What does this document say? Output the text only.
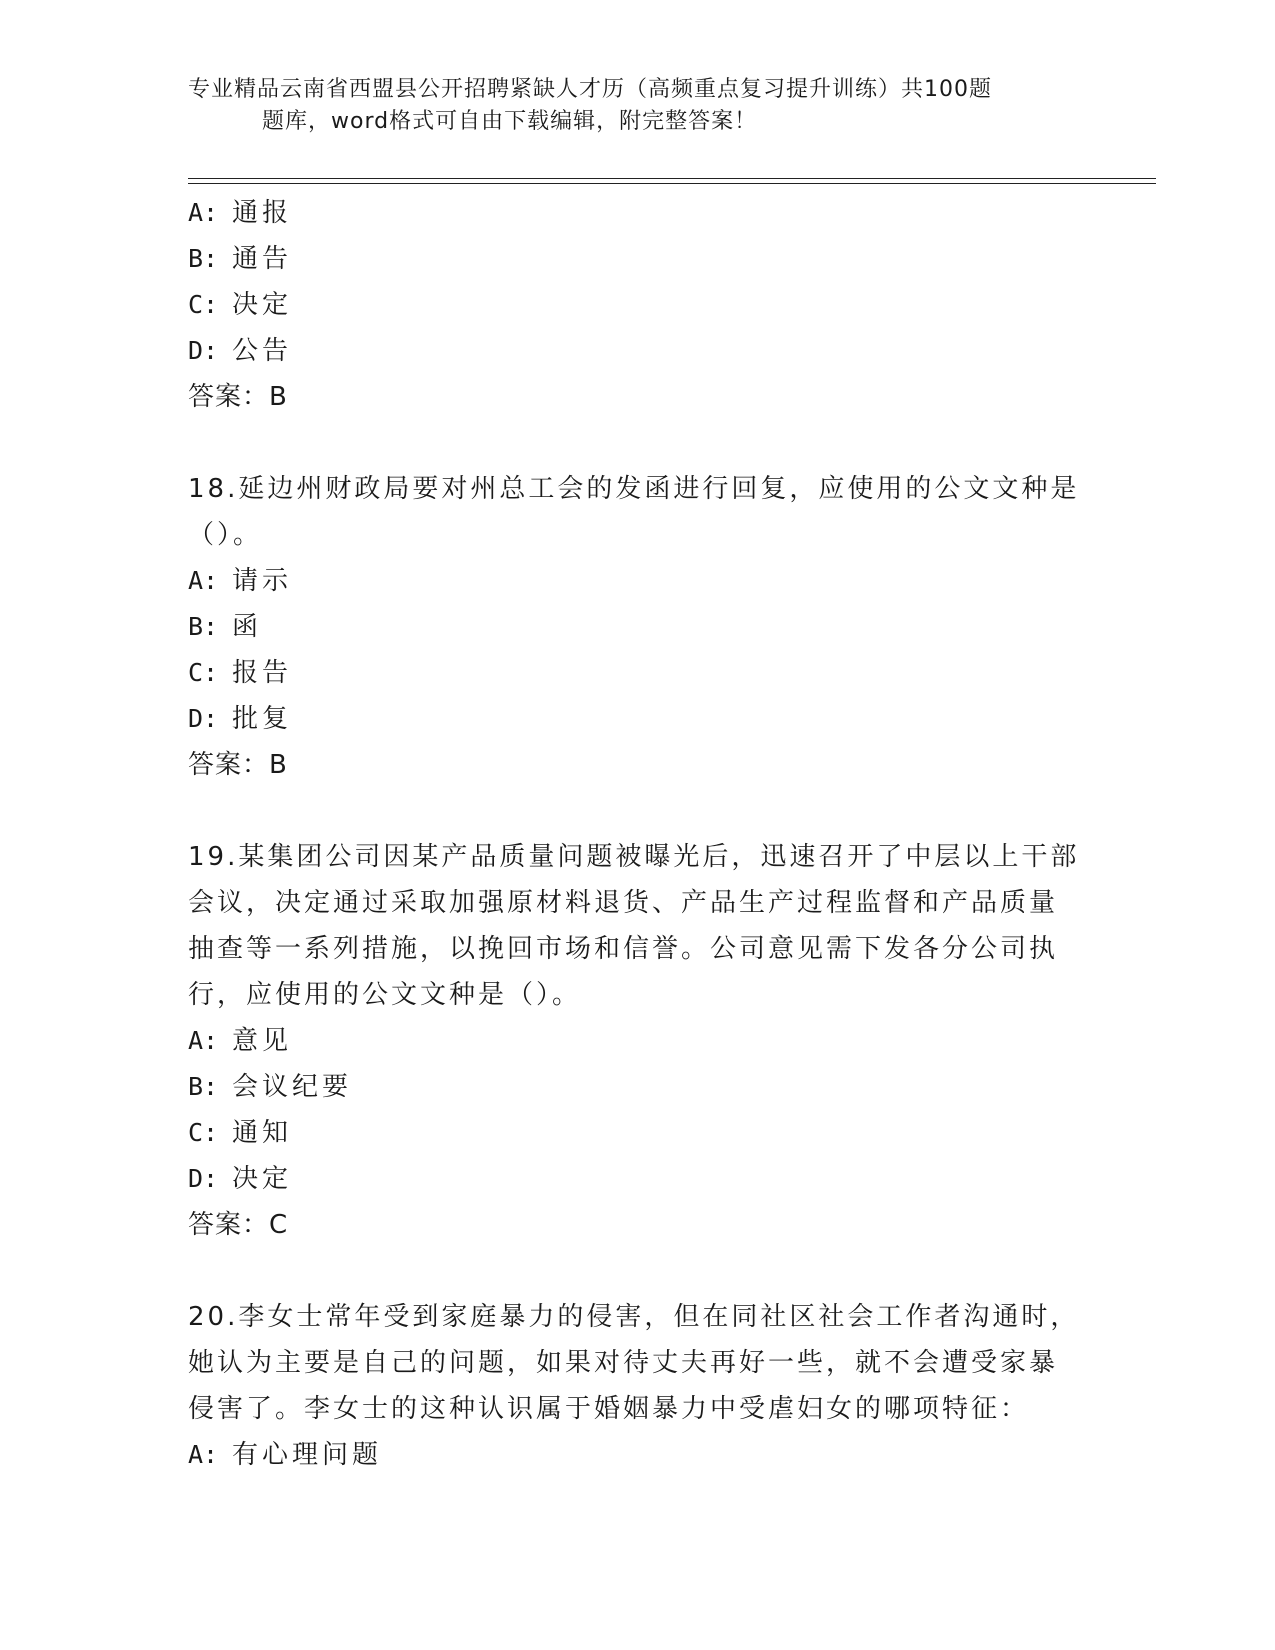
专业精品云南省西盟县公开招聘紧缺人才历（高频重点复习提升训练）共100题
题库，word格式可自由下载编辑，附完整答案！
A: 通报
B: 通告
C: 决定
D: 公告
答案：B
18.延边州财政局要对州总工会的发函进行回复，应使用的公文文种是
（）。
A: 请示
B: 函
C: 报告
D: 批复
答案：B
19.某集团公司因某产品质量问题被曝光后，迅速召开了中层以上干部
会议，决定通过采取加强原材料退货、产品生产过程监督和产品质量
抽查等一系列措施，以挽回市场和信誉。公司意见需下发各分公司执
行，应使用的公文文种是（）。
A: 意见
B: 会议纪要
C: 通知
D: 决定
答案：C
20.李女士常年受到家庭暴力的侵害，但在同社区社会工作者沟通时，
她认为主要是自己的问题，如果对待丈夫再好一些，就不会遭受家暴
侵害了。李女士的这种认识属于婚姻暴力中受虐妇女的哪项特征：
A: 有心理问题
